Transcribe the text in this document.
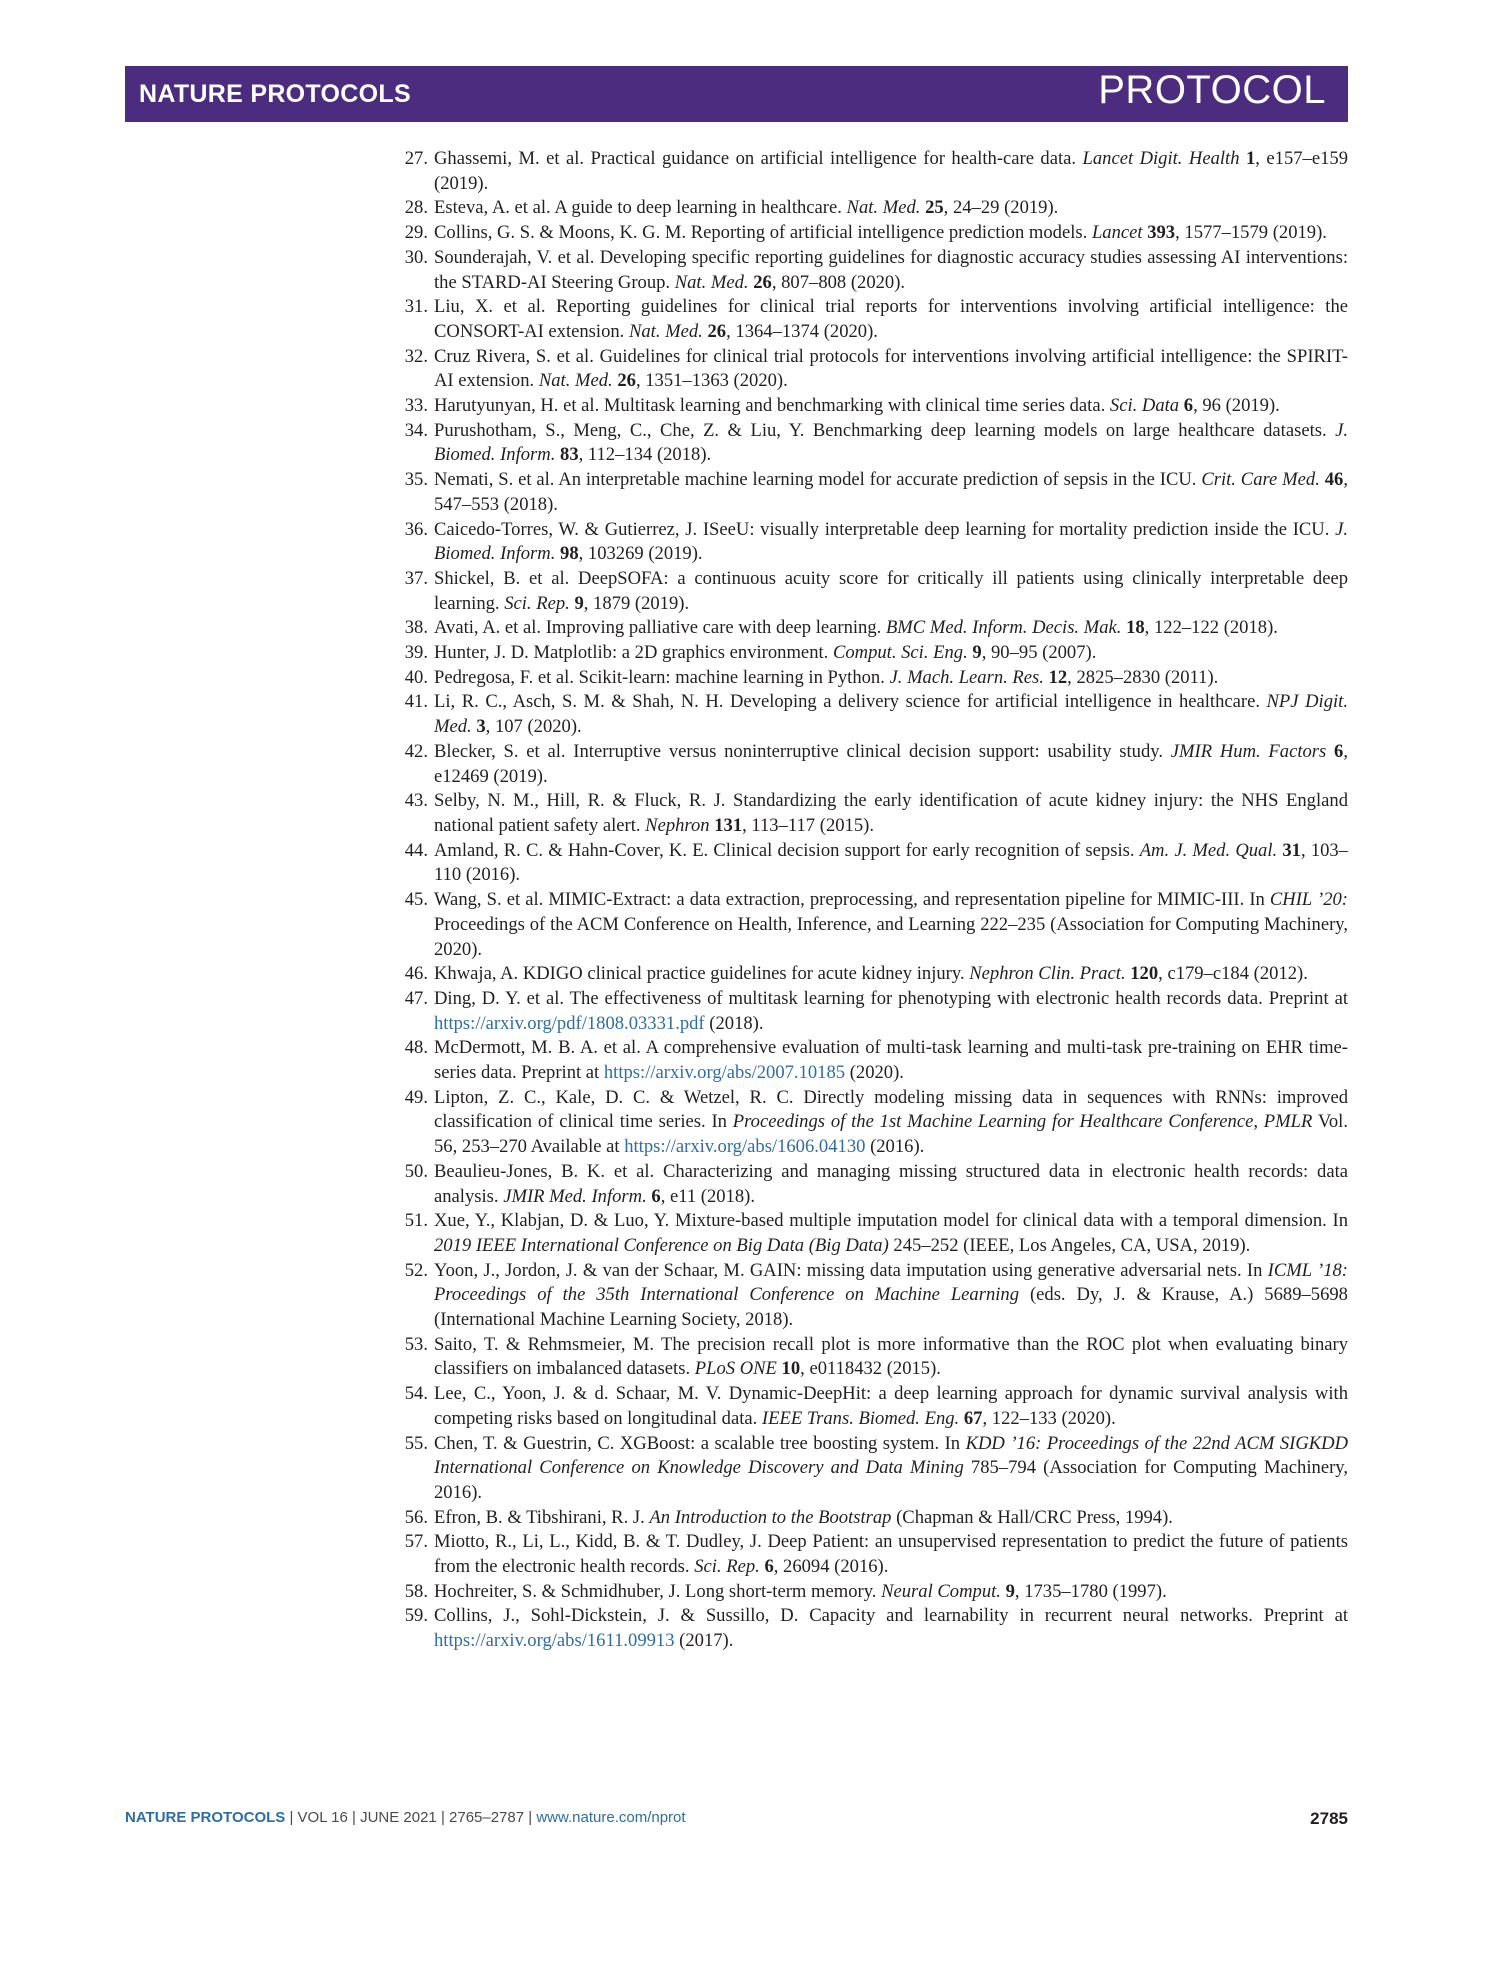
NATURE PROTOCOLS	PROTOCOL
27. Ghassemi, M. et al. Practical guidance on artificial intelligence for health-care data. Lancet Digit. Health 1, e157–e159 (2019).
28. Esteva, A. et al. A guide to deep learning in healthcare. Nat. Med. 25, 24–29 (2019).
29. Collins, G. S. & Moons, K. G. M. Reporting of artificial intelligence prediction models. Lancet 393, 1577–1579 (2019).
30. Sounderajah, V. et al. Developing specific reporting guidelines for diagnostic accuracy studies assessing AI interventions: the STARD-AI Steering Group. Nat. Med. 26, 807–808 (2020).
31. Liu, X. et al. Reporting guidelines for clinical trial reports for interventions involving artificial intelligence: the CONSORT-AI extension. Nat. Med. 26, 1364–1374 (2020).
32. Cruz Rivera, S. et al. Guidelines for clinical trial protocols for interventions involving artificial intelligence: the SPIRIT-AI extension. Nat. Med. 26, 1351–1363 (2020).
33. Harutyunyan, H. et al. Multitask learning and benchmarking with clinical time series data. Sci. Data 6, 96 (2019).
34. Purushotham, S., Meng, C., Che, Z. & Liu, Y. Benchmarking deep learning models on large healthcare datasets. J. Biomed. Inform. 83, 112–134 (2018).
35. Nemati, S. et al. An interpretable machine learning model for accurate prediction of sepsis in the ICU. Crit. Care Med. 46, 547–553 (2018).
36. Caicedo-Torres, W. & Gutierrez, J. ISeeU: visually interpretable deep learning for mortality prediction inside the ICU. J. Biomed. Inform. 98, 103269 (2019).
37. Shickel, B. et al. DeepSOFA: a continuous acuity score for critically ill patients using clinically interpretable deep learning. Sci. Rep. 9, 1879 (2019).
38. Avati, A. et al. Improving palliative care with deep learning. BMC Med. Inform. Decis. Mak. 18, 122–122 (2018).
39. Hunter, J. D. Matplotlib: a 2D graphics environment. Comput. Sci. Eng. 9, 90–95 (2007).
40. Pedregosa, F. et al. Scikit-learn: machine learning in Python. J. Mach. Learn. Res. 12, 2825–2830 (2011).
41. Li, R. C., Asch, S. M. & Shah, N. H. Developing a delivery science for artificial intelligence in healthcare. NPJ Digit. Med. 3, 107 (2020).
42. Blecker, S. et al. Interruptive versus noninterruptive clinical decision support: usability study. JMIR Hum. Factors 6, e12469 (2019).
43. Selby, N. M., Hill, R. & Fluck, R. J. Standardizing the early identification of acute kidney injury: the NHS England national patient safety alert. Nephron 131, 113–117 (2015).
44. Amland, R. C. & Hahn-Cover, K. E. Clinical decision support for early recognition of sepsis. Am. J. Med. Qual. 31, 103–110 (2016).
45. Wang, S. et al. MIMIC-Extract: a data extraction, preprocessing, and representation pipeline for MIMIC-III. In CHIL ’20: Proceedings of the ACM Conference on Health, Inference, and Learning 222–235 (Association for Computing Machinery, 2020).
46. Khwaja, A. KDIGO clinical practice guidelines for acute kidney injury. Nephron Clin. Pract. 120, c179–c184 (2012).
47. Ding, D. Y. et al. The effectiveness of multitask learning for phenotyping with electronic health records data. Preprint at https://arxiv.org/pdf/1808.03331.pdf (2018).
48. McDermott, M. B. A. et al. A comprehensive evaluation of multi-task learning and multi-task pre-training on EHR time-series data. Preprint at https://arxiv.org/abs/2007.10185 (2020).
49. Lipton, Z. C., Kale, D. C. & Wetzel, R. C. Directly modeling missing data in sequences with RNNs: improved classification of clinical time series. In Proceedings of the 1st Machine Learning for Healthcare Conference, PMLR Vol. 56, 253–270 Available at https://arxiv.org/abs/1606.04130 (2016).
50. Beaulieu-Jones, B. K. et al. Characterizing and managing missing structured data in electronic health records: data analysis. JMIR Med. Inform. 6, e11 (2018).
51. Xue, Y., Klabjan, D. & Luo, Y. Mixture-based multiple imputation model for clinical data with a temporal dimension. In 2019 IEEE International Conference on Big Data (Big Data) 245–252 (IEEE, Los Angeles, CA, USA, 2019).
52. Yoon, J., Jordon, J. & van der Schaar, M. GAIN: missing data imputation using generative adversarial nets. In ICML ’18: Proceedings of the 35th International Conference on Machine Learning (eds. Dy, J. & Krause, A.) 5689–5698 (International Machine Learning Society, 2018).
53. Saito, T. & Rehmsmeier, M. The precision recall plot is more informative than the ROC plot when evaluating binary classifiers on imbalanced datasets. PLoS ONE 10, e0118432 (2015).
54. Lee, C., Yoon, J. & d. Schaar, M. V. Dynamic-DeepHit: a deep learning approach for dynamic survival analysis with competing risks based on longitudinal data. IEEE Trans. Biomed. Eng. 67, 122–133 (2020).
55. Chen, T. & Guestrin, C. XGBoost: a scalable tree boosting system. In KDD ’16: Proceedings of the 22nd ACM SIGKDD International Conference on Knowledge Discovery and Data Mining 785–794 (Association for Computing Machinery, 2016).
56. Efron, B. & Tibshirani, R. J. An Introduction to the Bootstrap (Chapman & Hall/CRC Press, 1994).
57. Miotto, R., Li, L., Kidd, B. & T. Dudley, J. Deep Patient: an unsupervised representation to predict the future of patients from the electronic health records. Sci. Rep. 6, 26094 (2016).
58. Hochreiter, S. & Schmidhuber, J. Long short-term memory. Neural Comput. 9, 1735–1780 (1997).
59. Collins, J., Sohl-Dickstein, J. & Sussillo, D. Capacity and learnability in recurrent neural networks. Preprint at https://arxiv.org/abs/1611.09913 (2017).
NATURE PROTOCOLS | VOL 16 | JUNE 2021 | 2765–2787 | www.nature.com/nprot	2785
